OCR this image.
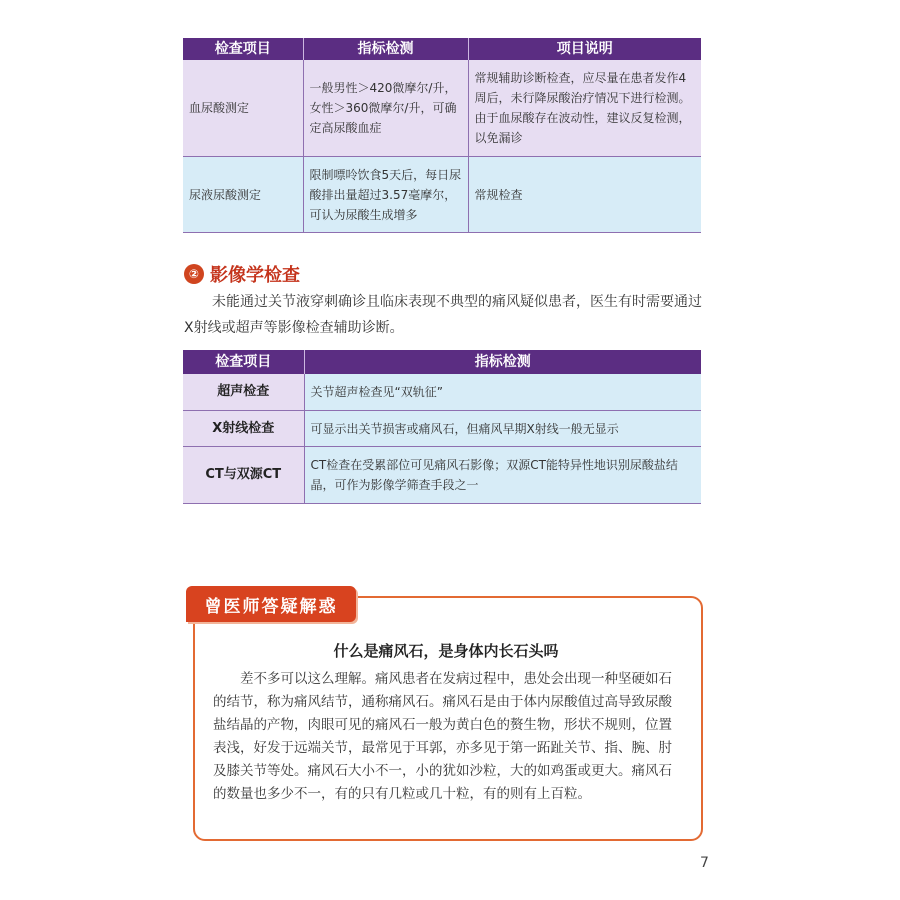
检查项目	指标检测	项目说明
血尿酸测定	一般男性＞420微摩尔/升，女性＞360微摩尔/升，可确定高尿酸血症	常规辅助诊断检查，应尽量在患者发作4周后，未行降尿酸治疗情况下进行检测。由于血尿酸存在波动性，建议反复检测，以免漏诊
尿液尿酸测定	限制嘌呤饮食5天后，每日尿酸排出量超过3.57毫摩尔，可认为尿酸生成增多	常规检查
② 影像学检查

未能通过关节液穿刺确诊且临床表现不典型的痛风疑似患者，医生有时需要通过X射线或超声等影像检查辅助诊断。

检查项目	指标检测
超声检查	关节超声检查见“双轨征”
X射线检查	可显示出关节损害或痛风石，但痛风早期X射线一般无显示
CT与双源CT	CT检查在受累部位可见痛风石影像；双源CT能特异性地识别尿酸盐结晶，可作为影像学筛查手段之一
曾医师答疑解惑
什么是痛风石，是身体内长石头吗

差不多可以这么理解。痛风患者在发病过程中，患处会出现一种坚硬如石的结节，称为痛风结节，通称痛风石。痛风石是由于体内尿酸值过高导致尿酸盐结晶的产物，肉眼可见的痛风石一般为黄白色的赘生物，形状不规则，位置表浅，好发于远端关节，最常见于耳郭，亦多见于第一跖趾关节、指、腕、肘及膝关节等处。痛风石大小不一，小的犹如沙粒，大的如鸡蛋或更大。痛风石的数量也多少不一，有的只有几粒或几十粒，有的则有上百粒。

7
